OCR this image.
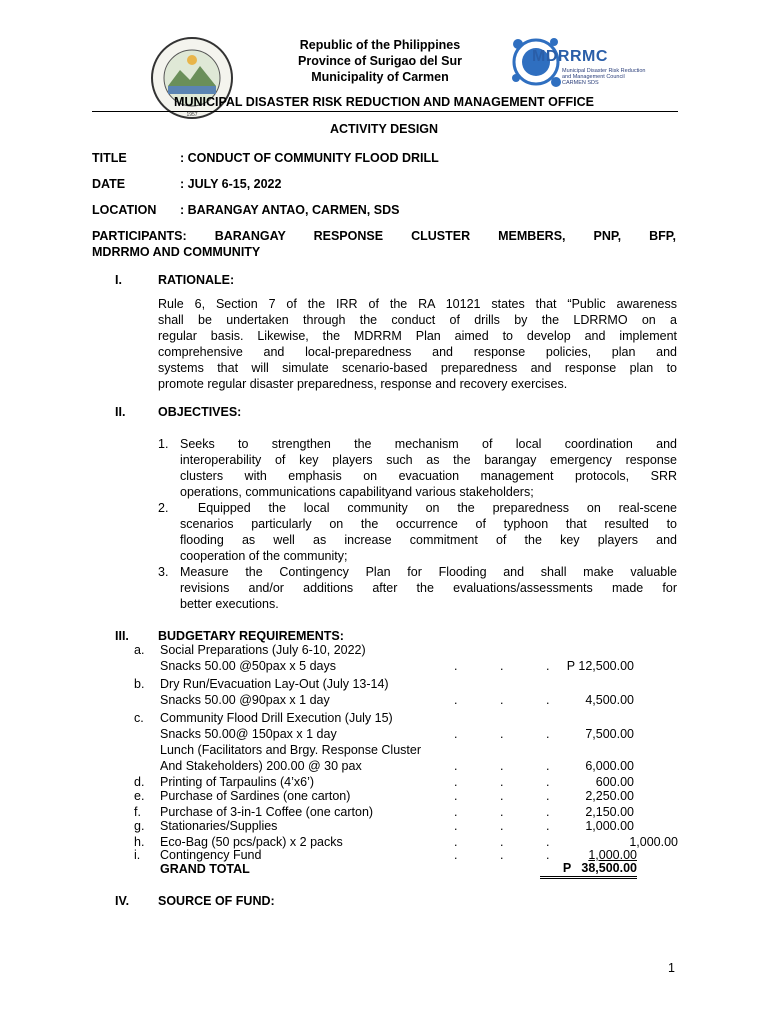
1957
Republic of the Philippines
Province of Surigao del Sur
Municipality of Carmen
MDRRMC
Municipal Disaster Risk Reduction
and Management Council
CARMEN SDS
MUNICIPAL DISASTER RISK REDUCTION AND MANAGEMENT OFFICE
ACTIVITY DESIGN
TITLE	: CONDUCT OF COMMUNITY FLOOD DRILL
DATE	: JULY 6-15, 2022
LOCATION : BARANGAY ANTAO, CARMEN, SDS
PARTICIPANTS: BARANGAY RESPONSE CLUSTER MEMBERS, PNP, BFP,
MDRRMO AND COMMUNITY
I.	RATIONALE:
Rule 6, Section 7 of the IRR of the RA 10121 states that “Public awareness
shall be undertaken through the conduct of drills by the LDRRMO on a
regular basis. Likewise, the MDRRM Plan aimed to develop and implement
comprehensive and local-preparedness and response policies, plan and
systems that will simulate scenario-based preparedness and response plan to
promote regular disaster preparedness, response and recovery exercises.
II.	OBJECTIVES:
1. Seeks to strengthen the mechanism of local coordination and
interoperability of key players such as the barangay emergency response
clusters with emphasis on evacuation management protocols, SRR
operations, communications capabilityand various stakeholders;
2. Equipped the local community on the preparedness on real-scene
scenarios particularly on the occurrence of typhoon that resulted to
flooding as well as increase commitment of the key players and
cooperation of the community;
3. Measure the Contingency Plan for Flooding and shall make valuable
revisions and/or additions after the evaluations/assessments made for
better executions.
III. BUDGETARY REQUIREMENTS:
a. Social Preparations (July 6-10, 2022)
Snacks 50.00 @50pax x 5 days	.	.	.	P 12,500.00
b. Dry Run/Evacuation Lay-Out (July 13-14)
Snacks 50.00 @90pax x 1 day	.	.	.	4,500.00
c. Community Flood Drill Execution (July 15)
Snacks 50.00@ 150pax x 1 day	.	.	.	7,500.00
Lunch (Facilitators and Brgy. Response Cluster
And Stakeholders) 200.00 @ 30 pax	.	.	.	6,000.00
d. Printing of Tarpaulins (4’x6’)	.	.	.	600.00
e. Purchase of Sardines (one carton)	.	.	.	2,250.00
f. Purchase of 3-in-1 Coffee (one carton)	.	.	.	2,150.00
g. Stationaries/Supplies	.	.	.	1,000.00
h. Eco-Bag (50 pcs/pack) x 2 packs	.	.	.	1,000.00
i. Contingency Fund	.	.	.	1,000.00
GRAND TOTAL	P   38,500.00
IV. SOURCE OF FUND:
1
